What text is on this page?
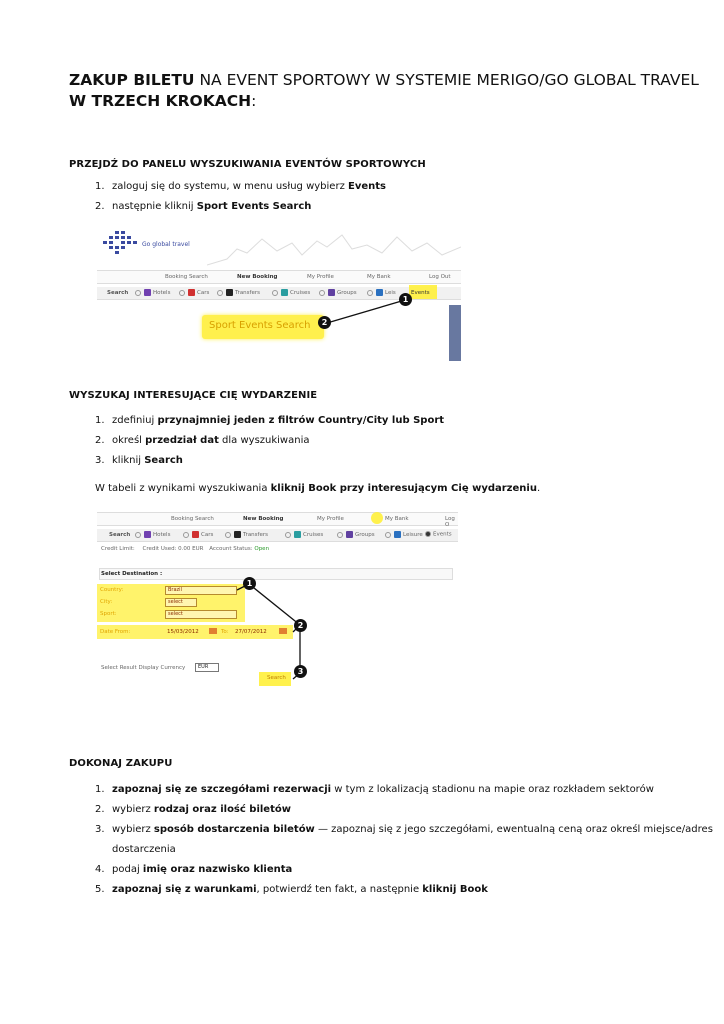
ZAKUP BILETU NA EVENT SPORTOWY W SYSTEMIE MERIGO/GO GLOBAL TRAVEL
W TRZECH KROKACH:
PRZEJDŹ DO PANELU WYSZUKIWANIA EVENTÓW SPORTOWYCH
1. zaloguj się do systemu, w menu usług wybierz Events
2. następnie kliknij Sport Events Search
Go global travel
Booking Search	New Booking	My Profile	My Bank	Log Out
Search	Hotels	Cars	Transfers	Cruises	Groups	Leis	Events
Sport Events Search
1
2
WYSZUKAJ INTERESUJĄCE CIĘ WYDARZENIE
1. zdefiniuj przynajmniej jeden z filtrów Country/City lub Sport
2. określ przedział dat dla wyszukiwania
3. kliknij Search
W tabeli z wynikami wyszukiwania kliknij Book przy interesującym Cię wydarzeniu.
Booking Search	New Booking	My Profile	My Bank	Log O
Search	Hotels	Cars	Transfers	Cruises	Groups	Leisure	Events
Credit Limit: Credit Used: 0.00 EUR Account Status: Open
Select Destination :
Country:	Brazil
City:	select
Sport:	select
Date From:	15/03/2012	To: 27/07/2012
Select Result Display Currency	EUR
Search
1
2
3
DOKONAJ ZAKUPU
1. zapoznaj się ze szczegółami rezerwacji w tym z lokalizacją stadionu na mapie oraz rozkładem sektorów
2. wybierz rodzaj oraz ilość biletów
3. wybierz sposób dostarczenia biletów — zapoznaj się z jego szczegółami, ewentualną ceną oraz określ miejsce/adres
dostarczenia
4. podaj imię oraz nazwisko klienta
5. zapoznaj się z warunkami, potwierdź ten fakt, a następnie kliknij Book
